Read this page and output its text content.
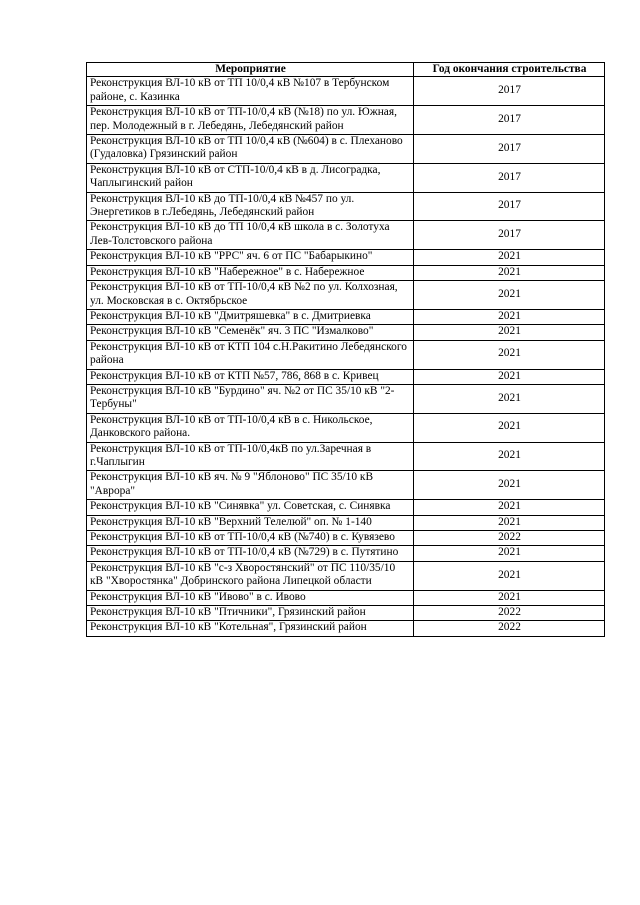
Мероприятие	Год окончания строительства
Реконструкция ВЛ-10 кВ от ТП 10/0,4 кВ №107 в Тербунском районе, с. Казинка	2017
Реконструкция ВЛ-10 кВ от ТП-10/0,4 кВ (№18) по ул. Южная, пер. Молодежный в г. Лебедянь, Лебедянский район	2017
Реконструкция ВЛ-10 кВ от ТП 10/0,4 кВ (№604) в с. Плеханово (Гудаловка) Грязинский район	2017
Реконструкция ВЛ-10 кВ от СТП-10/0,4 кВ в д. Лисоградка, Чаплыгинский район	2017
Реконструкция ВЛ-10 кВ до ТП-10/0,4 кВ №457 по ул. Энергетиков в г.Лебедянь, Лебедянский район	2017
Реконструкция ВЛ-10 кВ до ТП 10/0,4 кВ школа в с. Золотуха Лев-Толстовского района	2017
Реконструкция ВЛ-10 кВ "РРС" яч. 6 от ПС "Бабарыкино"	2021
Реконструкция ВЛ-10 кВ "Набережное" в с. Набережное	2021
Реконструкция ВЛ-10 кВ от ТП-10/0,4 кВ №2 по ул. Колхозная, ул. Московская в с. Октябрьское	2021
Реконструкция ВЛ-10 кВ "Дмитряшевка" в с. Дмитриевка	2021
Реконструкция ВЛ-10 кВ "Семенёк" яч. 3 ПС "Измалково"	2021
Реконструкция ВЛ-10 кВ от КТП 104 с.Н.Ракитино Лебедянского района	2021
Реконструкция ВЛ-10 кВ от КТП №57, 786, 868 в с. Кривец	2021
Реконструкция ВЛ-10 кВ "Бурдино" яч. №2 от ПС 35/10 кВ "2-Тербуны"	2021
Реконструкция ВЛ-10 кВ от ТП-10/0,4 кВ в с. Никольское, Данковского района.	2021
Реконструкция ВЛ-10 кВ от ТП-10/0,4кВ по ул.Заречная в г.Чаплыгин	2021
Реконструкция ВЛ-10 кВ яч. № 9 "Яблоново" ПС 35/10 кВ "Аврора"	2021
Реконструкция ВЛ-10 кВ "Синявка" ул. Советская, с. Синявка	2021
Реконструкция ВЛ-10 кВ "Верхний Телелюй" оп. № 1-140	2021
Реконструкция ВЛ-10 кВ от ТП-10/0,4 кВ (№740) в с. Кувязево	2022
Реконструкция ВЛ-10 кВ от ТП-10/0,4 кВ (№729) в с. Путятино	2021
Реконструкция ВЛ-10 кВ "с-з Хворостянский" от ПС 110/35/10 кВ "Хворостянка" Добринского района Липецкой области	2021
Реконструкция ВЛ-10 кВ "Ивово" в с. Ивово	2021
Реконструкция ВЛ-10 кВ "Птичники", Грязинский район	2022
Реконструкция ВЛ-10 кВ "Котельная", Грязинский район	2022
